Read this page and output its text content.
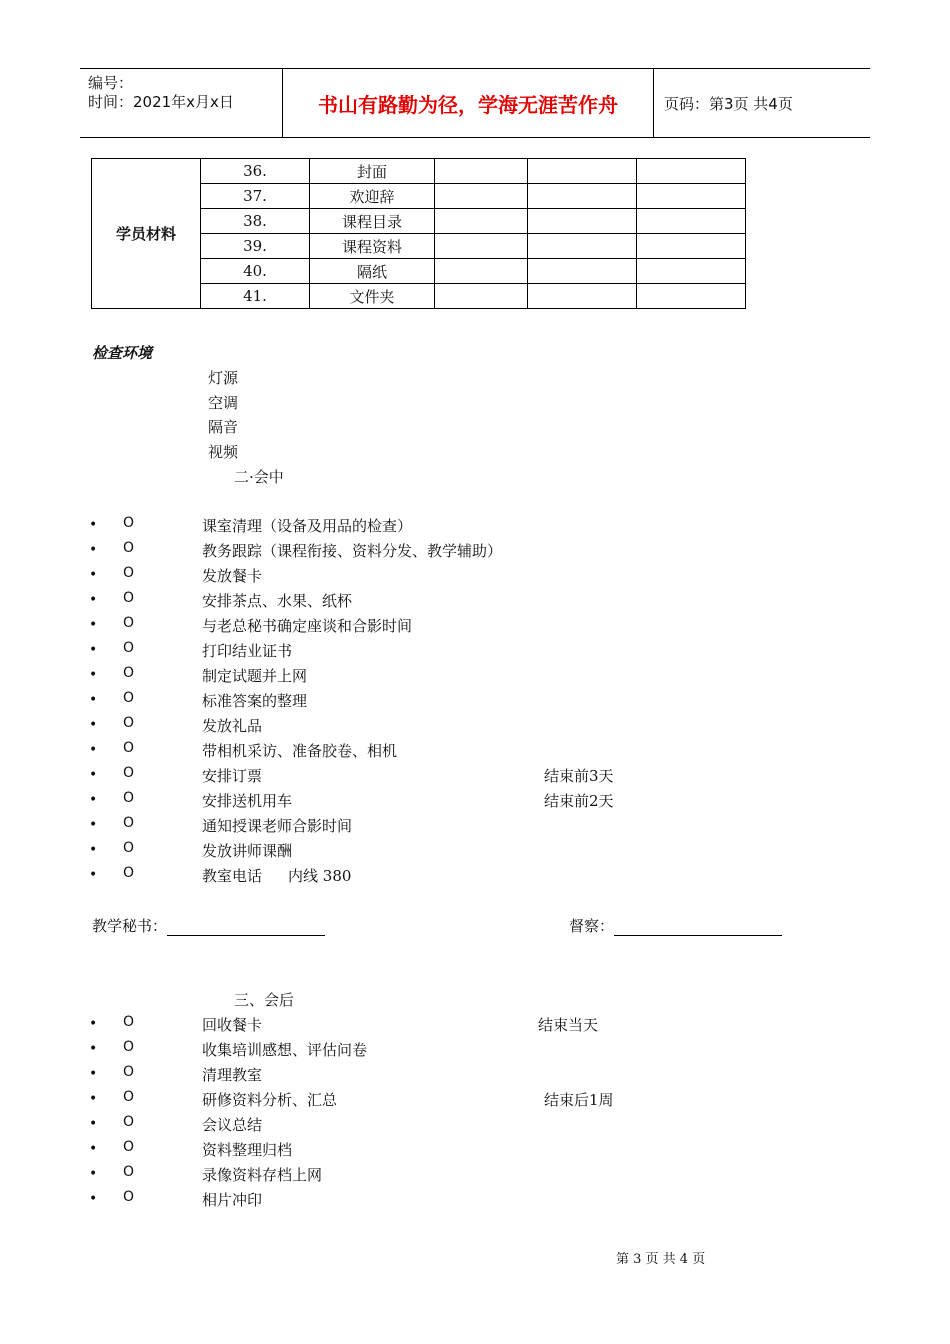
编号：
时间：2021年x月x日	书山有路勤为径，学海无涯苦作舟	页码：第3页 共4页
学员材料	36.	封面			
	37.	欢迎辞			
	38.	课程目录			
	39.	课程资料			
	40.	隔纸			
	41.	文件夹			
检查环境
灯源
空调
隔音
视频
二·会中
• O	课室清理（设备及用品的检查）
• O	教务跟踪（课程衔接、资料分发、教学辅助）
• O	发放餐卡
• O	安排茶点、水果、纸杯
• O	与老总秘书确定座谈和合影时间
• O	打印结业证书
• O	制定试题并上网
• O	标准答案的整理
• O	发放礼品
• O	带相机采访、准备胶卷、相机
• O	安排订票	结束前3天
• O	安排送机用车	结束前2天
• O	通知授课老师合影时间
• O	发放讲师课酬
• O	教室电话 内线 380
教学秘书：	督察：
三、会后
• O	回收餐卡	结束当天
• O	收集培训感想、评估问卷
• O	清理教室
• O	研修资料分析、汇总	结束后1周
• O	会议总结
• O	资料整理归档
• O	录像资料存档上网
• O	相片冲印
第 3 页 共 4 页
